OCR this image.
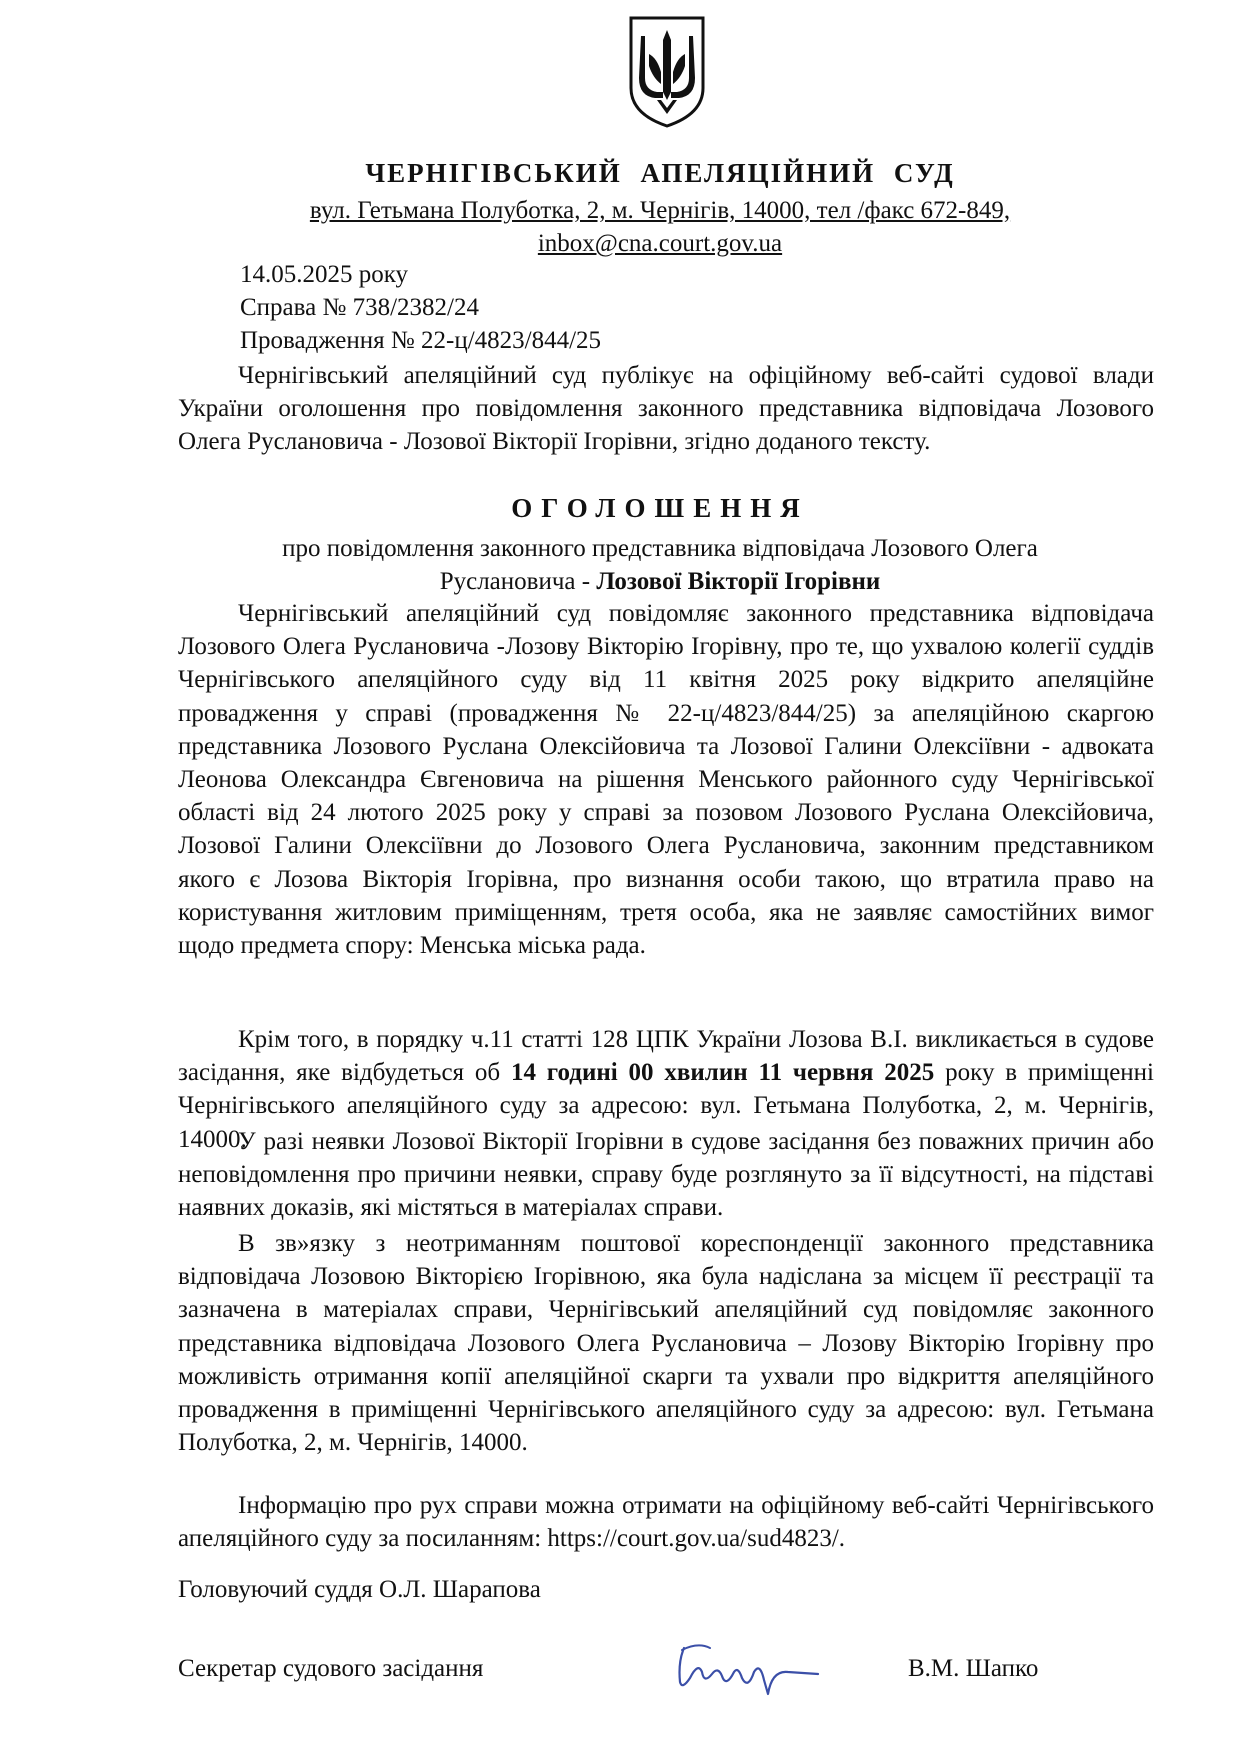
ЧЕРНІГІВСЬКИЙ АПЕЛЯЦІЙНИЙ СУД
вул. Гетьмана Полуботка, 2, м. Чернігів, 14000, тел /факс 672-849,
inbox@cna.court.gov.ua
14.05.2025 року
Справа № 738/2382/24
Провадження № 22-ц/4823/844/25

Чернігівський апеляційний суд публікує на офіційному веб-сайті судової влади України оголошення про повідомлення законного представника відповідача Лозового Олега Руслановича - Лозової Вікторії Ігорівни, згідно доданого тексту.

ОГОЛОШЕННЯ
про повідомлення законного представника відповідача Лозового Олега
Руслановича - Лозової Вікторії Ігорівни

Чернігівський апеляційний суд повідомляє законного представника відповідача Лозового Олега Руслановича -Лозову Вікторію Ігорівну, про те, що ухвалою колегії суддів Чернігівського апеляційного суду від 11 квітня 2025 року відкрито апеляційне провадження у справі (провадження № 22-ц/4823/844/25) за апеляційною скаргою представника Лозового Руслана Олексійовича та Лозової Галини Олексіївни - адвоката Леонова Олександра Євгеновича на рішення Менського районного суду Чернігівської області від 24 лютого 2025 року у справі за позовом Лозового Руслана Олексійовича, Лозової Галини Олексіївни до Лозового Олега Руслановича, законним представником якого є Лозова Вікторія Ігорівна, про визнання особи такою, що втратила право на користування житловим приміщенням, третя особа, яка не заявляє самостійних вимог щодо предмета спору: Менська міська рада.

Крім того, в порядку ч.11 статті 128 ЦПК України Лозова В.І. викликається в судове засідання, яке відбудеться об 14 годині 00 хвилин 11 червня 2025 року в приміщенні Чернігівського апеляційного суду за адресою: вул. Гетьмана Полуботка, 2, м. Чернігів, 14000.

У разі неявки Лозової Вікторії Ігорівни в судове засідання без поважних причин або неповідомлення про причини неявки, справу буде розглянуто за її відсутності, на підставі наявних доказів, які містяться в матеріалах справи.

В зв»язку з неотриманням поштової кореспонденції законного представника відповідача Лозовою Вікторією Ігорівною, яка була надіслана за місцем її реєстрації та зазначена в матеріалах справи, Чернігівський апеляційний суд повідомляє законного представника відповідача Лозового Олега Руслановича – Лозову Вікторію Ігорівну про можливість отримання копії апеляційної скарги та ухвали про відкриття апеляційного провадження в приміщенні Чернігівського апеляційного суду за адресою: вул. Гетьмана Полуботка, 2, м. Чернігів, 14000.

Інформацію про рух справи можна отримати на офіційному веб-сайті Чернігівського апеляційного суду за посиланням: https://court.gov.ua/sud4823/.

Головуючий суддя О.Л. Шарапова
Секретар судового засідання	В.М. Шапко
